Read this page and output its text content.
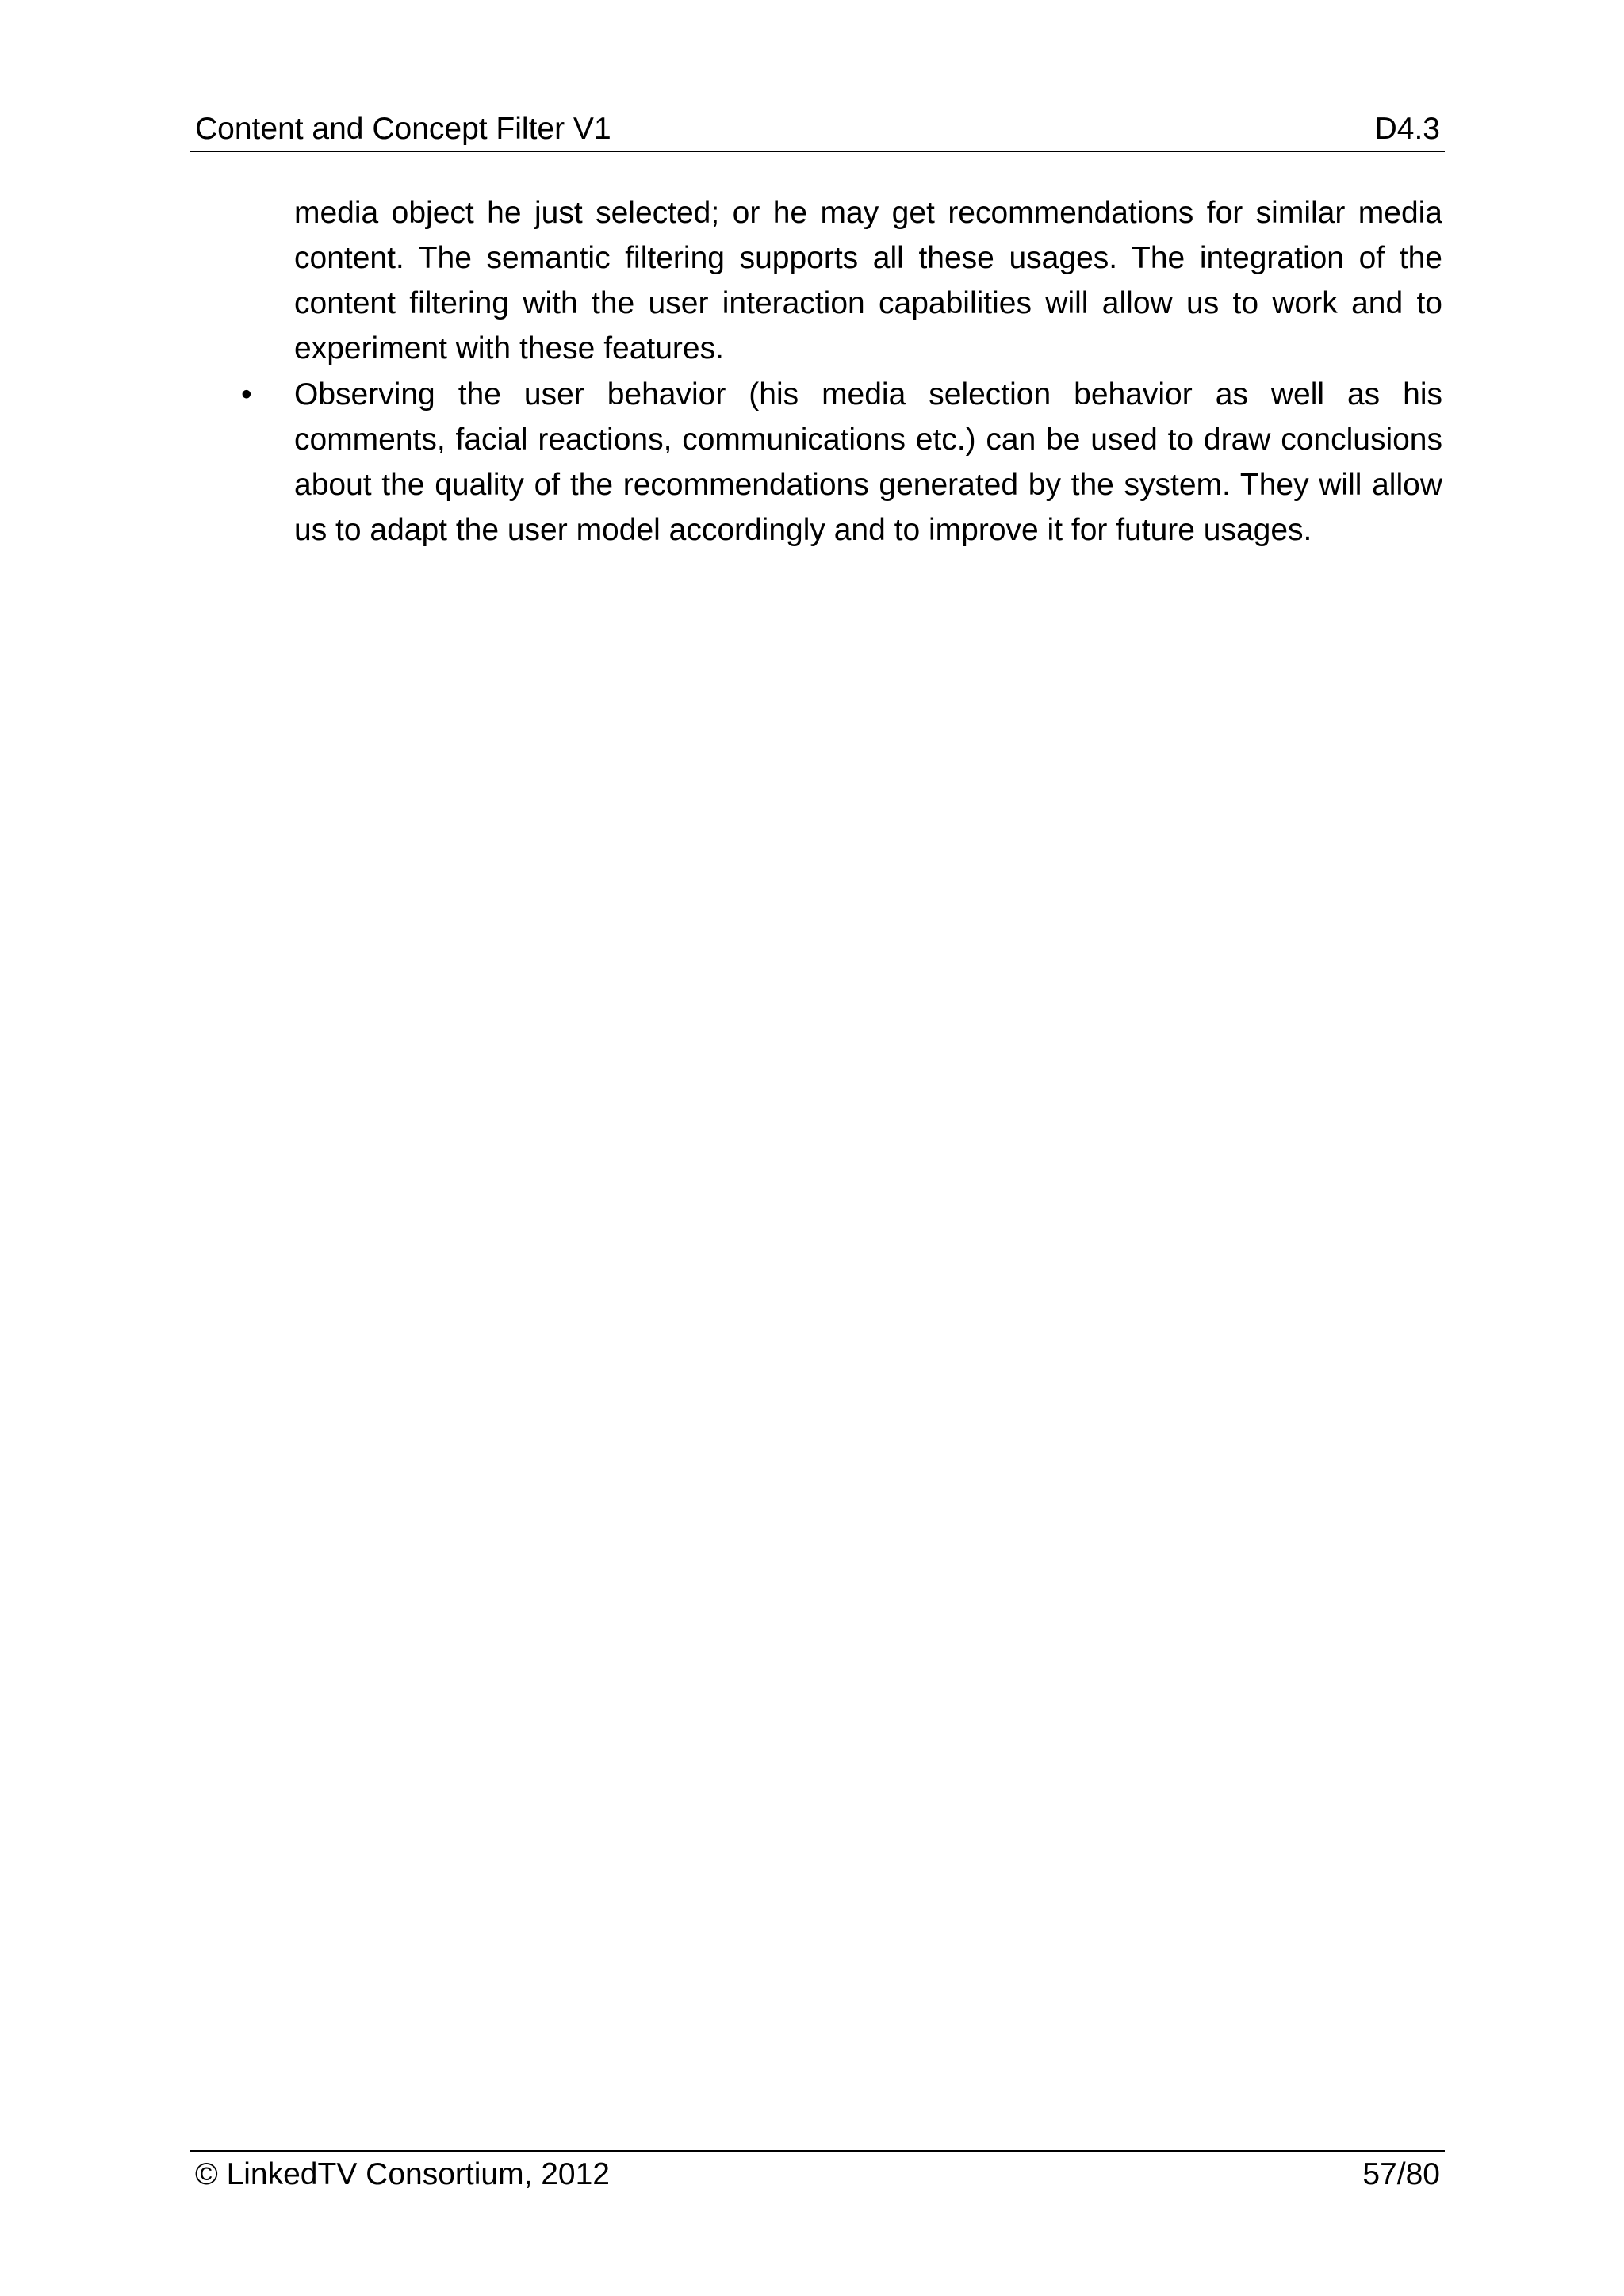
Content and Concept Filter V1	D4.3

media object he just selected; or he may get recommendations for similar media content. The semantic filtering supports all these usages. The integration of the content filtering with the user interaction capabilities will allow us to work and to experiment with these features.

• Observing the user behavior (his media selection behavior as well as his comments, facial reactions, communications etc.) can be used to draw conclusions about the quality of the recommendations generated by the system. They will allow us to adapt the user model accordingly and to improve it for future usages.

© LinkedTV Consortium, 2012	57/80
